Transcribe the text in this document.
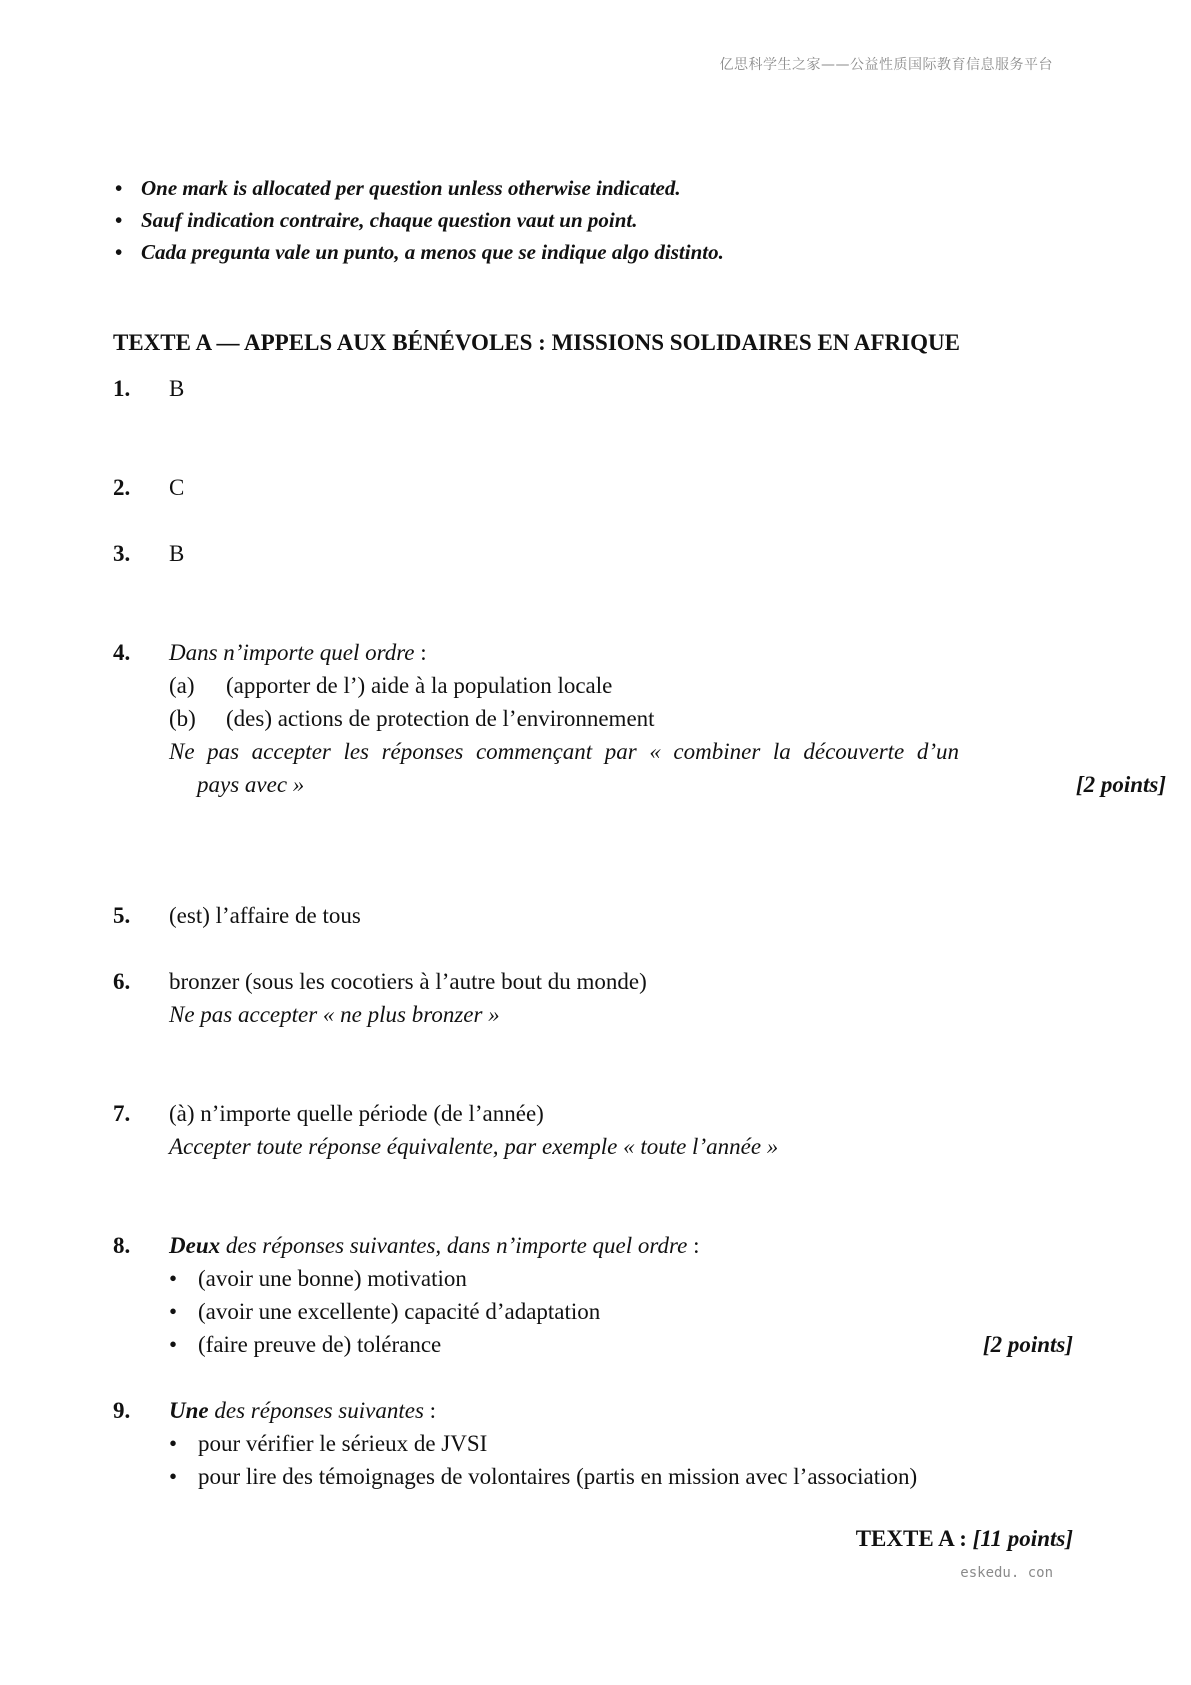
亿思科学生之家——公益性质国际教育信息服务平台
• One mark is allocated per question unless otherwise indicated.
• Sauf indication contraire, chaque question vaut un point.
• Cada pregunta vale un punto, a menos que se indique algo distinto.
TEXTE A — APPELS AUX BÉNÉVOLES : MISSIONS SOLIDAIRES EN AFRIQUE
1. B
2. C
3. B
4. Dans n’importe quel ordre :
(a) (apporter de l’) aide à la population locale
(b) (des) actions de protection de l’environnement
Ne pas accepter les réponses commençant par « combiner la découverte d’un
pays avec »	[2 points]
5. (est) l’affaire de tous
6. bronzer (sous les cocotiers à l’autre bout du monde)
Ne pas accepter « ne plus bronzer »
7. (à) n’importe quelle période (de l’année)
Accepter toute réponse équivalente, par exemple « toute l’année »
8. Deux des réponses suivantes, dans n’importe quel ordre :
• (avoir une bonne) motivation
• (avoir une excellente) capacité d’adaptation
• (faire preuve de) tolérance	[2 points]
9. Une des réponses suivantes :
• pour vérifier le sérieux de JVSI
• pour lire des témoignages de volontaires (partis en mission avec l’association)
TEXTE A : [11 points]
eskedu. con
